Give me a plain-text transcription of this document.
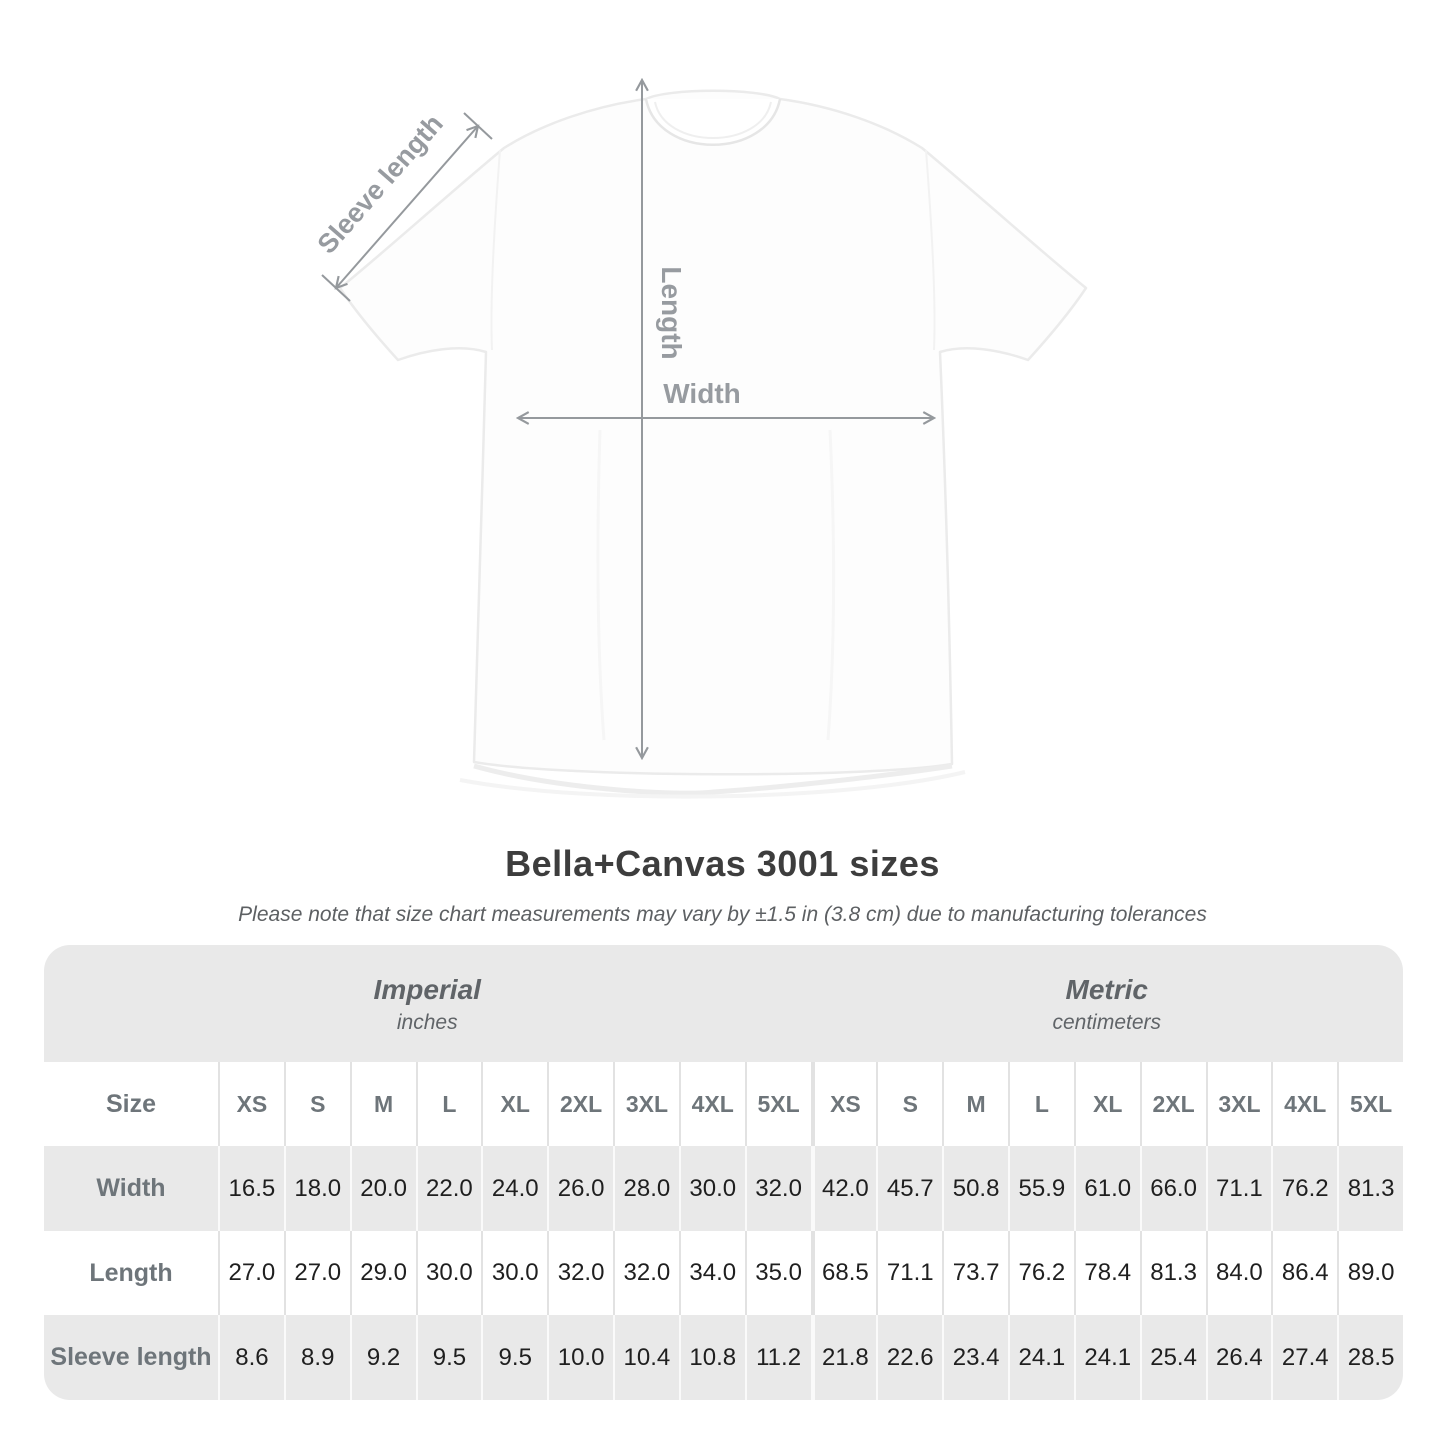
Length
Width
Sleeve length
Bella+Canvas 3001 sizes

Please note that size chart measurements may vary by ±1.5 in (3.8 cm) due to manufacturing tolerances

Imperial
inches
Metric
centimeters
Size	XS	S	M	L	XL	2XL	3XL	4XL	5XL	XS	S	M	L	XL	2XL	3XL	4XL	5XL
Width	16.5 18.0 20.0 22.0 24.0 26.0 28.0 30.0 32.0 42.0 45.7 50.8 55.9 61.0 66.0 71.1 76.2 81.3
Length	27.0 27.0 29.0 30.0 30.0 32.0 32.0 34.0 35.0 68.5 71.1 73.7 76.2 78.4 81.3 84.0 86.4 89.0
Sleeve length 8.6	8.9	9.2	9.5	9.5	10.0 10.4 10.8 11.2 21.8 22.6 23.4 24.1 24.1 25.4 26.4 27.4 28.5
